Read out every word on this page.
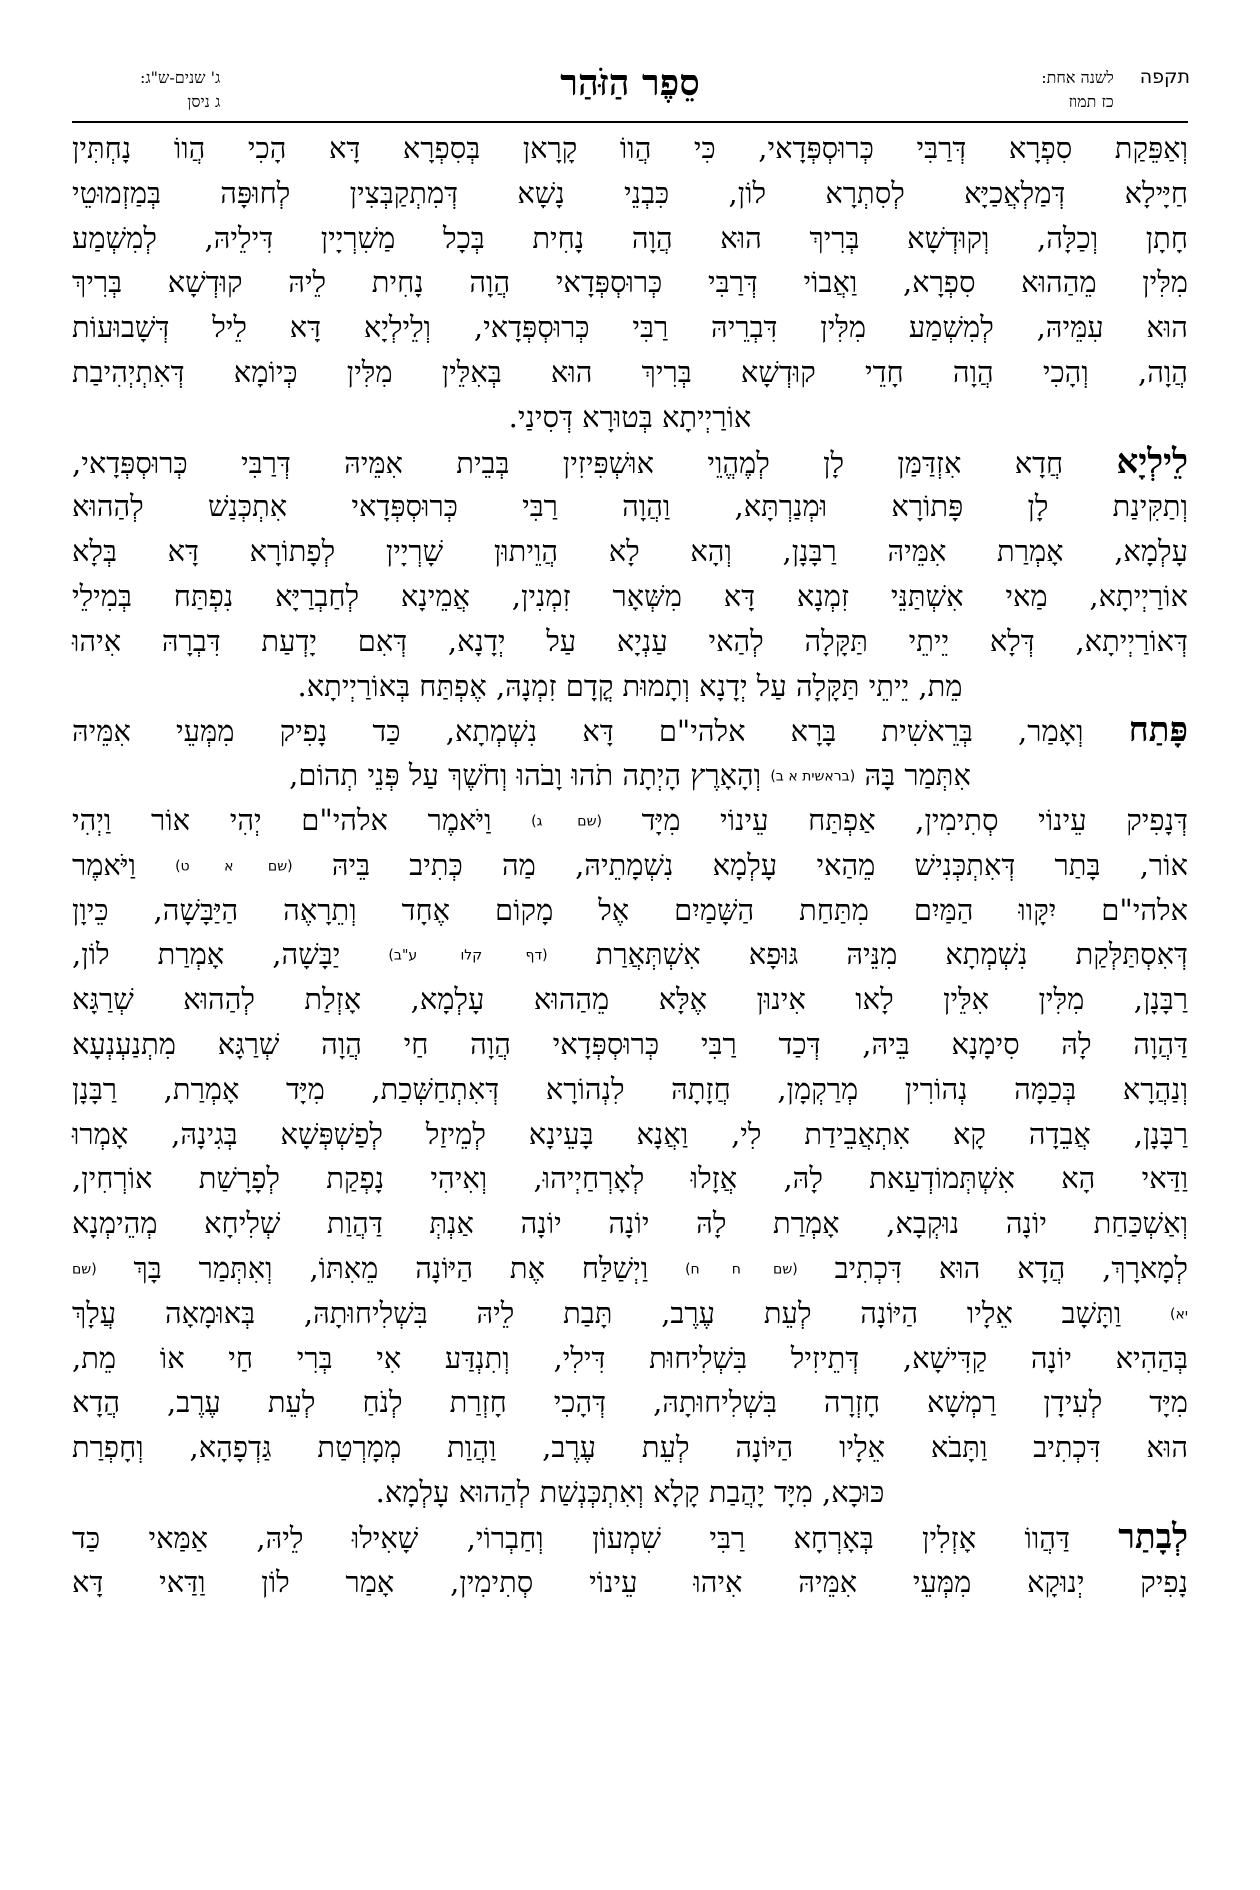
סֵפֶר הַזֹּהַר	תקפה
לשנה אחת:
כז תמוז
ג' שנים-ש"ג:
ג ניסן
וְאַפֵּקַת סִפְרָא דְּרַבִּי כְּרוּסְפְּדָאי, כִּי הֲווֹ קָרָאן בְּסִפְרָא דָּא הָכִי הֲווֹ נָחְתִּין
חַיָּילָא דְּמַלְאֲכַיָּא לְסִתְרָא לוֹן, כִּבְנֵי נָשָׁא דְּמִתְקַבְּצִין לְחוּפָּה בְּמַזְמוּטֵי
חָתָן וְכַלָּה, וְקוּדְשָׁא בְּרִיךְ הוּא הֲוָה נָחִית בְּכָל מַשִׁרְיָין דִּילֵיהּ, לְמִשְׁמַע
מִלִּין מֵהַהוּא סִפְרָא, וַאֲבוֹי דְּרַבִּי כְּרוּסְפְּדָאי הֲוָה נָחִית לֵיהּ קוּדְשָׁא בְּרִיךְ
הוּא עִמֵּיהּ, לְמִשְׁמַע מִלִּין דִּבְרֵיהּ רַבִּי כְּרוּסְפְּדָאי, וְלֵילְיָא דָּא לֵיל דְּשָׁבוּעוֹת
הֲוָה, וְהָכִי הֲוָה חָדֵי קוּדְשָׁא בְּרִיךְ הוּא בְּאִלֵּין מִלִּין כְּיוֹמָא דְּאִתְיְהִיבַת
אוֹרַיְיתָא בְּטוּרָא דְּסִינַי.
לֵילְיָא חֲדָא אִזְדַּמַּן לָן לְמֶהֱוֵי אוּשְׁפִּיזִין בְּבֵית אִמֵּיהּ דְּרַבִּי כְּרוּסְפְּדָאי,
וְתַקִּינַת לָן פָּתוֹרָא וּמְנַרְתָּא, וַהֲוָה רַבִּי כְּרוּסְפְּדָאי אִתְכְּנַשׁ לְהַהוּא
עָלְמָא, אָמְרַת אִמֵּיהּ רַבָּנָן, וְהָא לָא הֲוֵיתוּן שָׁרְיָין לְפָתוֹרָא דָּא בְּלָא
אוֹרַיְיתָא, מַאי אִשְׁתַּנֵּי זִמְנָא דָּא מִשְּׁאָר זִמְנִין, אֲמֵינָא לְחַבְרַיָּא נִפְתַּח בְּמִילֵי
דְּאוֹרַיְיתָא, דְּלָא יֵיתֵי תַּקָּלָה לְהַאי עַנְיָא עַל יְדָנָא, דְּאִם יָדְעַת דִּבְרָהּ אִיהוּ
מֵת, יֵיתֵי תַּקָּלָה עַל יְדָנָא וְתָמוּת קֳדָם זִמְנָהּ, אֶפְתַּח בְּאוֹרַיְיתָא.
פָּתַח וְאָמַר, בְּרֵאשִׁית בָּרָא אלהי"ם דָּא נִשְׁמְתָא, כַּד נָפִיק מִמְּעֵי אִמֵּיהּ
אִתְּמַר בָּהּ (בראשית א ב) וְהָאָרֶץ הָיְתָה תֹהוּ וָבֹהוּ וְחֹשֶׁךְ עַל פְּנֵי תְהוֹם,
דְּנָפִיק עֵינוֹי סְתִימִין, אַפְתַּח עֵינוֹי מִיָּד (שם ג) וַיֹּאמֶר אלהי"ם יְהִי אוֹר וַיְהִי
אוֹר, בָּתַר דְּאִתְכְּנִישׁ מֵהַאי עָלְמָא נִשְׁמָתֵיהּ, מַה כְּתִיב בֵּיהּ (שם א ט) וַיֹּאמֶר
אלהי"ם יִקָּווּ הַמַּיִם מִתַּחַת הַשָּׁמַיִם אֶל מָקוֹם אֶחָד וְתֵרָאֶה הַיַּבָּשָׁה, כֵּיוָן
דְּאִסְתַּלְּקַת נִשְׁמְתָא מִנֵּיהּ גּוּפָא אִשְׁתְּאֲרַת (דף קלו ע"ב) יַבָּשָׁה, אָמְרַת לוֹן,
רַבָּנָן, מִלִּין אִלֵּין לָאו אִינוּן אֶלָּא מֵהַהוּא עָלְמָא, אָזְלַת לְהַהוּא שְׁרַגָּא
דַּהֲוָה לָהּ סִימָנָא בֵּיהּ, דְּכַד רַבִּי כְּרוּסְפְּדָאי הֲוָה חַי הֲוָה שְׁרַגָּא מִתְנַעְנְעָא
וְנַהֲרָא בְּכַמָּה נְהוֹרִין מְרַקְמָן, חֲזָתָהּ לִנְהוֹרָא דְּאִתְחַשְּׁכַת, מִיָּד אָמְרַת, רַבָּנָן
רַבָּנָן, אֲבֵדָה קָא אִתְאֲבֵידַת לִי, וַאֲנָא בָּעֵינָא לְמֵיזַל לְפַשְׁפְּשָׁא בְּגִינָהּ, אָמְרוּ
וַדַּאי הָא אִשְׁתְּמוֹדְעַאת לָהּ, אֲזָלוּ לְאָרְחַיְיהוּ, וְאִיהִי נָפְקַת לְפָרָשַׁת אוֹרְחִין,
וְאַשְׁכַּחַת יוֹנָה נוּקְבָא, אָמְרַת לָהּ יוֹנָה יוֹנָה אַנְתְּ דַּהֲוַת שְׁלִיחָא מְהֵימְנָא
לְמָארָךְ, הֲדָא הוּא דִּכְתִיב (שם ח ח) וַיְשַׁלַּח אֶת הַיּוֹנָה מֵאִתּוֹ, וְאִתְּמַר בָּךְ (שם
יא) וַתָּשָׁב אֵלָיו הַיּוֹנָה לְעֵת עֶרֶב, תָּבַת לֵיהּ בִּשְׁלִיחוּתָהּ, בְּאוּמָאָה עֲלָךְ
בְּהַהִיא יוֹנָה קַדִּישָׁא, דְּתֵיזִיל בִּשְׁלִיחוּת דִּילִי, וְתִנְדַּע אִי בְּרִי חַי אוֹ מֵת,
מִיָּד לְעִידָן רַמְשָׁא חָזְרָה בִּשְׁלִיחוּתָהּ, דְּהָכִי חָזְרַת לְנֹחַ לְעֵת עֶרֶב, הֲדָא
הוּא דִּכְתִיב וַתָּבֹא אֵלָיו הַיּוֹנָה לְעֵת עֶרֶב, וַהֲוַת מְמָרְטַת גַּדְפָהָא, וְחָפְרַת
כּוּכָא, מִיָּד יָהֲבַת קָלָא וְאִתְכְּנְשַׁת לְהַהוּא עָלְמָא.
לְבָתַר דַּהֲווֹ אָזְלִין בְּאָרְחָא רַבִּי שִׁמְעוֹן וְחַבְרוֹי, שָׁאִילוּ לֵיהּ, אַמַּאי כַּד
נָפִיק יְנוּקָא מִמְּעֵי אִמֵּיהּ אִיהוּ עֵינוֹי סְתִימִין, אָמַר לוֹן וַדַּאי דָּא
